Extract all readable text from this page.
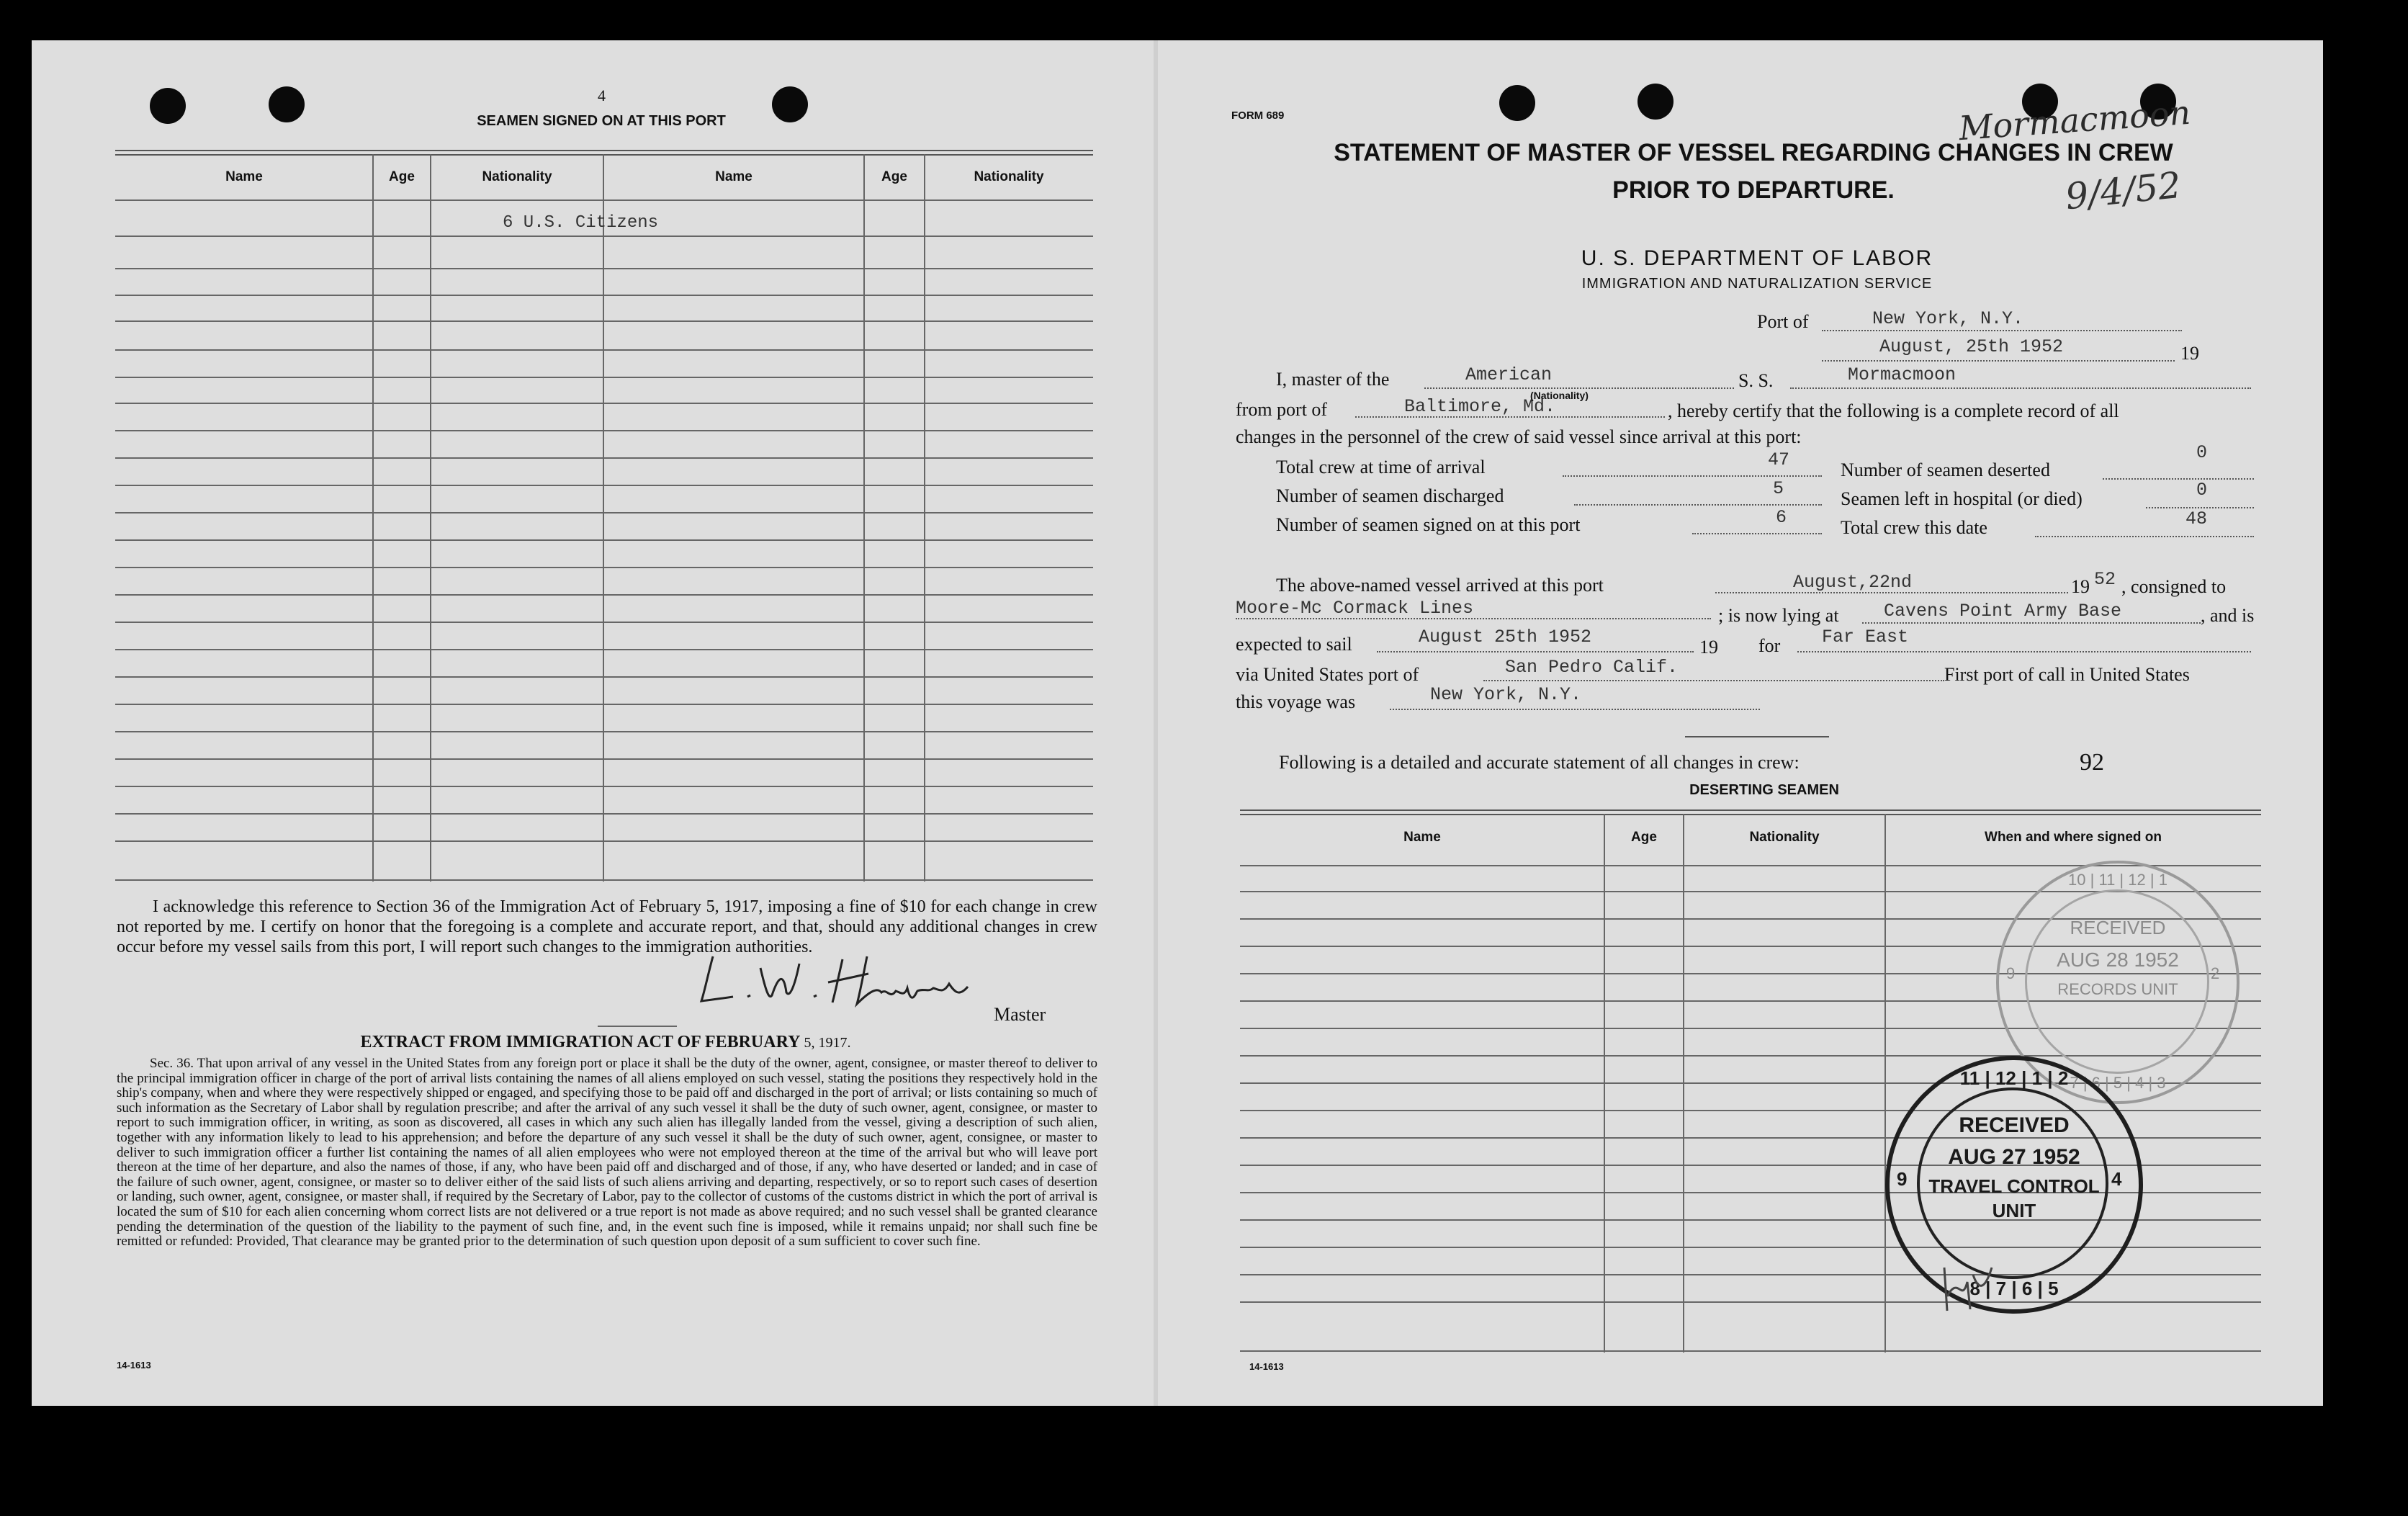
4
SEAMEN SIGNED ON AT THIS PORT
Name	Age	Nationality	Name	Age	Nationality
6 U.S. Citizens
I acknowledge this reference to Section 36 of the Immigration Act of February 5, 1917, imposing a fine of $10 for each change in crew not reported by me. I certify on honor that the foregoing is a complete and accurate report, and that, should any additional changes in crew occur before my vessel sails from this port, I will report such changes to the immigration authorities.
Master
EXTRACT FROM IMMIGRATION ACT OF FEBRUARY 5, 1917.
Sec. 36. That upon arrival of any vessel in the United States from any foreign port or place it shall be the duty of the owner, agent, consignee, or master thereof to deliver to the principal immigration officer in charge of the port of arrival lists containing the names of all aliens employed on such vessel, stating the positions they respectively hold in the ship's company, when and where they were respectively shipped or engaged, and specifying those to be paid off and discharged in the port of arrival; or lists containing so much of such information as the Secretary of Labor shall by regulation prescribe; and after the arrival of any such vessel it shall be the duty of such owner, agent, consignee, or master to report to such immigration officer, in writing, as soon as discovered, all cases in which any such alien has illegally landed from the vessel, giving a description of such alien, together with any information likely to lead to his apprehension; and before the departure of any such vessel it shall be the duty of such owner, agent, consignee, or master to deliver to such immigration officer a further list containing the names of all alien employees who were not employed thereon at the time of the arrival but who will leave port thereon at the time of her departure, and also the names of those, if any, who have been paid off and discharged and of those, if any, who have deserted or landed; and in case of the failure of such owner, agent, consignee, or master so to deliver either of the said lists of such aliens arriving and departing, respectively, or so to report such cases of desertion or landing, such owner, agent, consignee, or master shall, if required by the Secretary of Labor, pay to the collector of customs of the customs district in which the port of arrival is located the sum of $10 for each alien concerning whom correct lists are not delivered or a true report is not made as above required; and no such vessel shall be granted clearance pending the determination of the question of the liability to the payment of such fine, and, in the event such fine is imposed, while it remains unpaid; nor shall such fine be remitted or refunded: Provided, That clearance may be granted prior to the determination of such question upon deposit of a sum sufficient to cover such fine.
14-1613
FORM 689
STATEMENT OF MASTER OF VESSEL REGARDING CHANGES IN CREW
PRIOR TO DEPARTURE.
U. S. DEPARTMENT OF LABOR
IMMIGRATION AND NATURALIZATION SERVICE
Port of	New York, N.Y.
August, 25th 1952	19
I, master of the	American	S. S.	Mormacmoon
from port of	Baltimore, Md.
(Nationality)
, hereby certify that the following is a complete record of all
changes in the personnel of the crew of said vessel since arrival at this port:
Total crew at time of arrival	47
Number of seamen discharged	5
Number of seamen signed on at this port	6
Number of seamen deserted
0
Seamen left in hospital (or died)	0
Total crew this date	48
The above-named vessel arrived at this port	August,22nd	19 52 , consigned to
Moore-Mc Cormack Lines	; is now lying at Cavens Point Army Base	, and is
expected to sail	August 25th 1952	19 for Far East
via United States port of	San Pedro Calif.	First port of call in United States
this voyage was	New York, N.Y.
Following is a detailed and accurate statement of all changes in crew:	92
DESERTING SEAMEN
Name	Age	Nationality	When and where signed on
14-1613
Mormacmoon
9/4/52
10 | 11 | 12 | 1
7 | 6 | 5 | 4 | 3
2
9
RECEIVED
AUG 28 1952
RECORDS UNIT
11 | 12 | 1 | 2
8 | 7 | 6 | 5
4
9
RECEIVED
AUG 27 1952
TRAVEL CONTROL
UNIT
